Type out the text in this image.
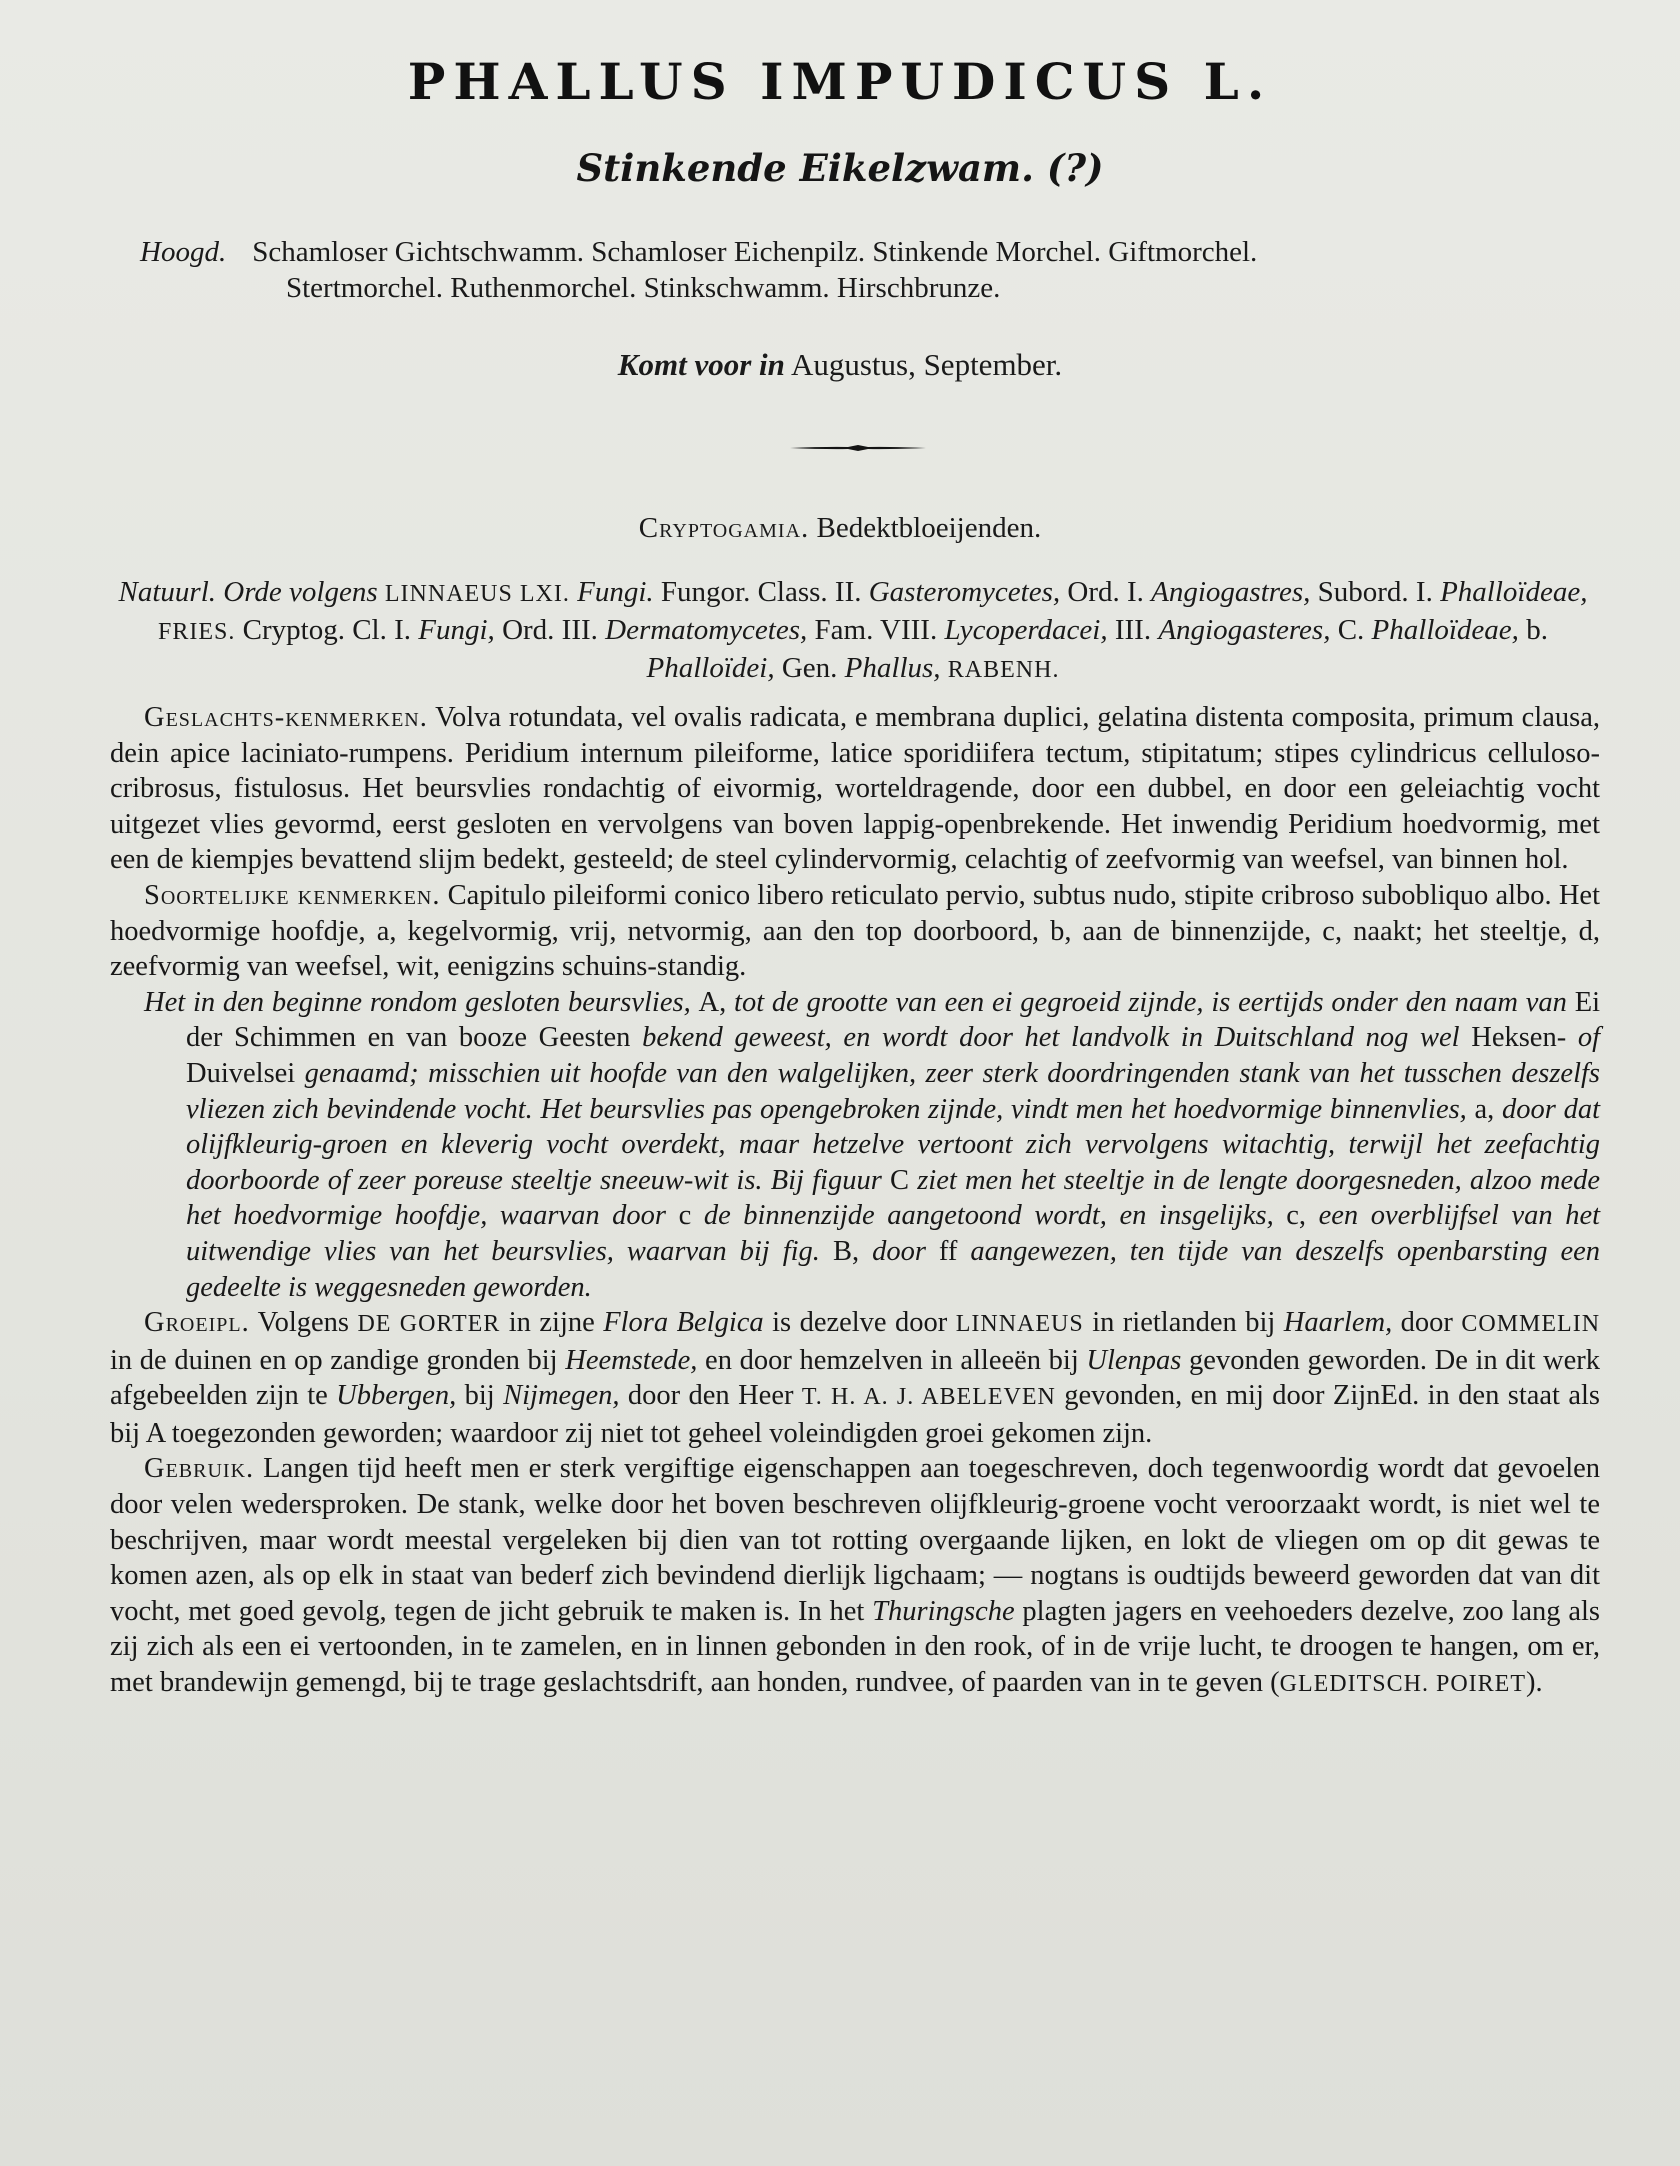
PHALLUS IMPUDICUS L.
Stinkende Eikelzwam. (?)
Hoogd. Schamloser Gichtschwamm. Schamloser Eichenpilz. Stinkende Morchel. Giftmorchel.
Stertmorchel. Ruthenmorchel. Stinkschwamm. Hirschbrunze.
Komt voor in Augustus, September.
Cryptogamia. Bedektbloeijenden.
Natuurl. Orde volgens LINNAEUS LXI. Fungi. Fungor. Class. II. Gasteromycetes, Ord. I. Angiogastres, Subord. I. Phalloïdeae, FRIES. Cryptog. Cl. I. Fungi, Ord. III. Dermatomycetes, Fam. VIII. Lycoperdacei, III. Angiogasteres, C. Phalloïdeae, b. Phalloïdei, Gen. Phallus, RABENH.

Geslachts-kenmerken. Volva rotundata, vel ovalis radicata, e membrana duplici, gelatina distenta composita, primum clausa, dein apice laciniato-rumpens. Peridium internum pileiforme, latice sporidiifera tectum, stipitatum; stipes cylindricus celluloso-cribrosus, fistulosus. Het beursvlies rondachtig of eivormig, worteldragende, door een dubbel, en door een geleiachtig vocht uitgezet vlies gevormd, eerst gesloten en vervolgens van boven lappig-openbrekende. Het inwendig Peridium hoedvormig, met een de kiempjes bevattend slijm bedekt, gesteeld; de steel cylindervormig, celachtig of zeefvormig van weefsel, van binnen hol.

Soortelijke kenmerken. Capitulo pileiformi conico libero reticulato pervio, subtus nudo, stipite cribroso subobliquo albo. Het hoedvormige hoofdje, a, kegelvormig, vrij, netvormig, aan den top doorboord, b, aan de binnenzijde, c, naakt; het steeltje, d, zeefvormig van weefsel, wit, eenigzins schuins-standig.

Het in den beginne rondom gesloten beursvlies, A, tot de grootte van een ei gegroeid zijnde, is eertijds onder den naam van Ei der Schimmen en van booze Geesten bekend geweest, en wordt door het landvolk in Duitschland nog wel Heksen- of Duivelsei genaamd; misschien uit hoofde van den walgelijken, zeer sterk doordringenden stank van het tusschen deszelfs vliezen zich bevindende vocht. Het beursvlies pas opengebroken zijnde, vindt men het hoedvormige binnenvlies, a, door dat olijfkleurig-groen en kleverig vocht overdekt, maar hetzelve vertoont zich vervolgens witachtig, terwijl het zeefachtig doorboorde of zeer poreuse steeltje sneeuw-wit is. Bij figuur C ziet men het steeltje in de lengte doorgesneden, alzoo mede het hoedvormige hoofdje, waarvan door c de binnenzijde aangetoond wordt, en insgelijks, c, een overblijfsel van het uitwendige vlies van het beursvlies, waarvan bij fig. B, door ff aangewezen, ten tijde van deszelfs openbarsting een gedeelte is weggesneden geworden.

Groeipl. Volgens DE GORTER in zijne Flora Belgica is dezelve door LINNAEUS in rietlanden bij Haarlem, door COMMELIN in de duinen en op zandige gronden bij Heemstede, en door hemzelven in alleeën bij Ulenpas gevonden geworden. De in dit werk afgebeelden zijn te Ubbergen, bij Nijmegen, door den Heer T. H. A. J. ABELEVEN gevonden, en mij door ZijnEd. in den staat als bij A toegezonden geworden; waardoor zij niet tot geheel voleindigden groei gekomen zijn.

Gebruik. Langen tijd heeft men er sterk vergiftige eigenschappen aan toegeschreven, doch tegenwoordig wordt dat gevoelen door velen wedersproken. De stank, welke door het boven beschreven olijfkleurig-groene vocht veroorzaakt wordt, is niet wel te beschrijven, maar wordt meestal vergeleken bij dien van tot rotting overgaande lijken, en lokt de vliegen om op dit gewas te komen azen, als op elk in staat van bederf zich bevindend dierlijk ligchaam; — nogtans is oudtijds beweerd geworden dat van dit vocht, met goed gevolg, tegen de jicht gebruik te maken is. In het Thuringsche plagten jagers en veehoeders dezelve, zoo lang als zij zich als een ei vertoonden, in te zamelen, en in linnen gebonden in den rook, of in de vrije lucht, te droogen te hangen, om er, met brandewijn gemengd, bij te trage geslachtsdrift, aan honden, rundvee, of paarden van in te geven (GLEDITSCH. POIRET).
